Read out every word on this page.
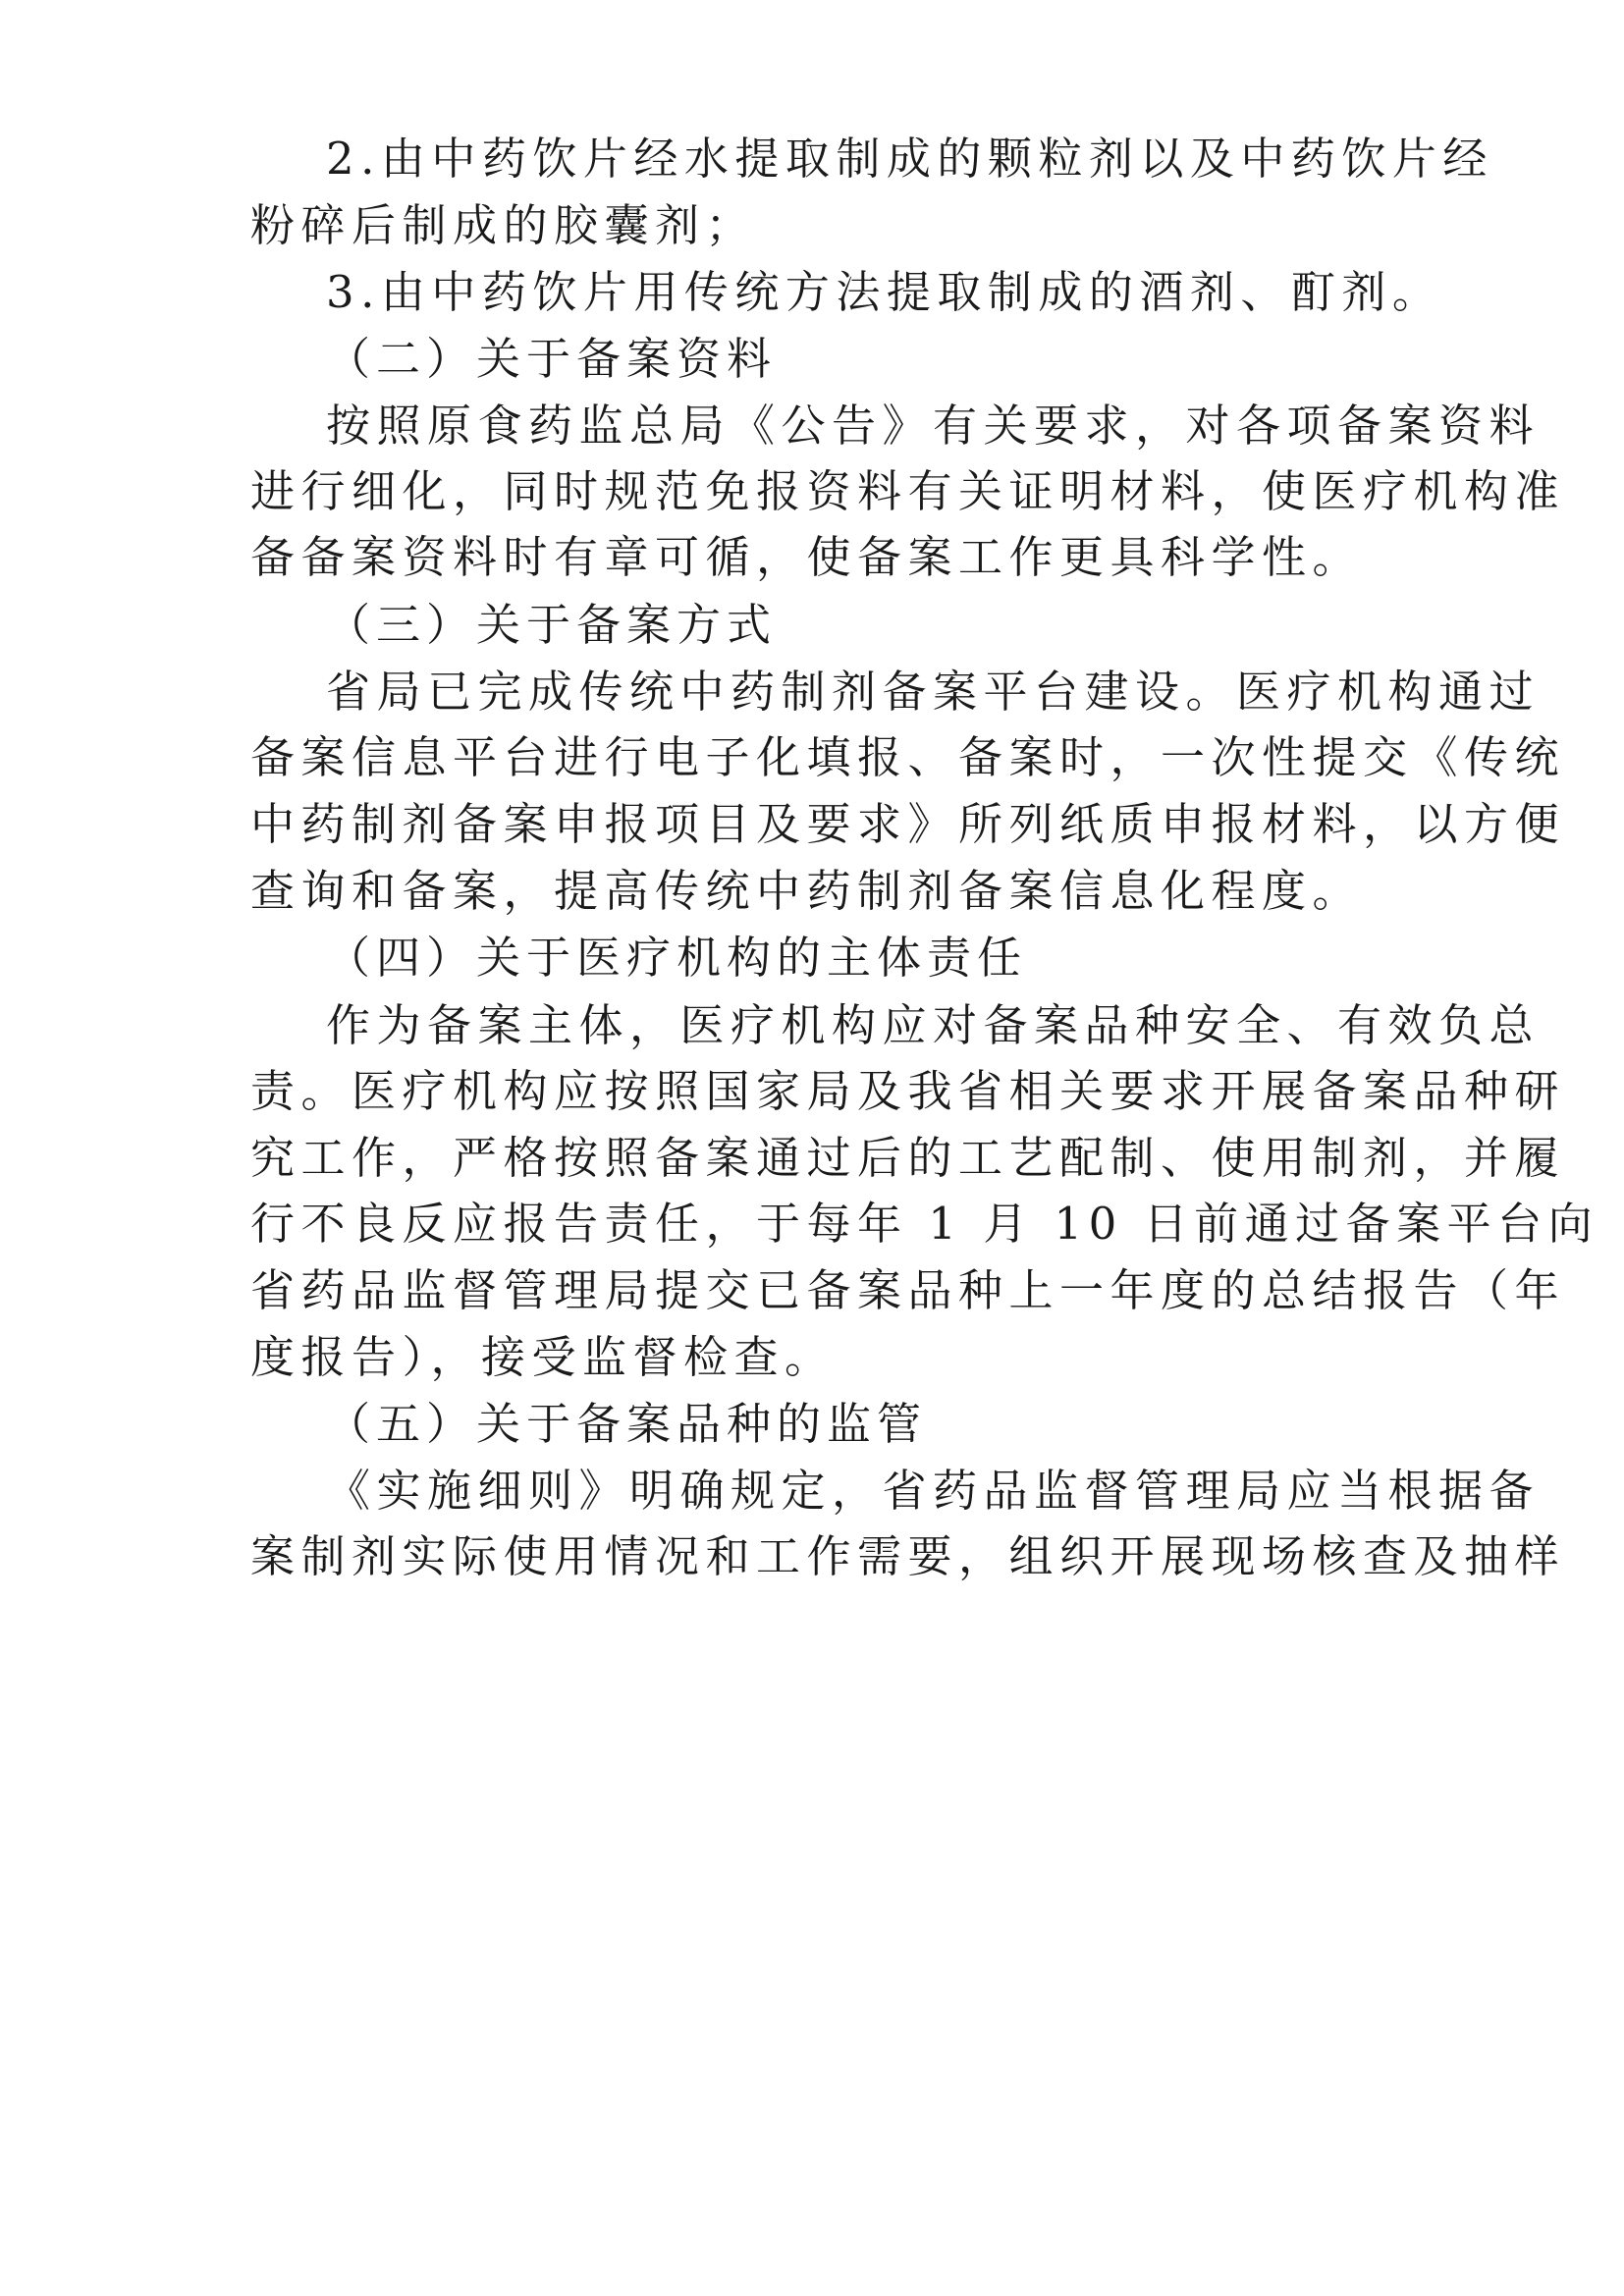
2.由中药饮片经水提取制成的颗粒剂以及中药饮片经

粉碎后制成的胶囊剂；

3.由中药饮片用传统方法提取制成的酒剂、酊剂。

（二）关于备案资料

按照原食药监总局《公告》有关要求，对各项备案资料

进行细化，同时规范免报资料有关证明材料，使医疗机构准

备备案资料时有章可循，使备案工作更具科学性。

（三）关于备案方式

省局已完成传统中药制剂备案平台建设。医疗机构通过

备案信息平台进行电子化填报、备案时，一次性提交《传统

中药制剂备案申报项目及要求》所列纸质申报材料，以方便

查询和备案，提高传统中药制剂备案信息化程度。

（四）关于医疗机构的主体责任

作为备案主体，医疗机构应对备案品种安全、有效负总

责。医疗机构应按照国家局及我省相关要求开展备案品种研

究工作，严格按照备案通过后的工艺配制、使用制剂，并履

行不良反应报告责任，于每年 1 月 10 日前通过备案平台向

省药品监督管理局提交已备案品种上一年度的总结报告（年

度报告），接受监督检查。

（五）关于备案品种的监管

《实施细则》明确规定，省药品监督管理局应当根据备

案制剂实际使用情况和工作需要，组织开展现场核查及抽样
